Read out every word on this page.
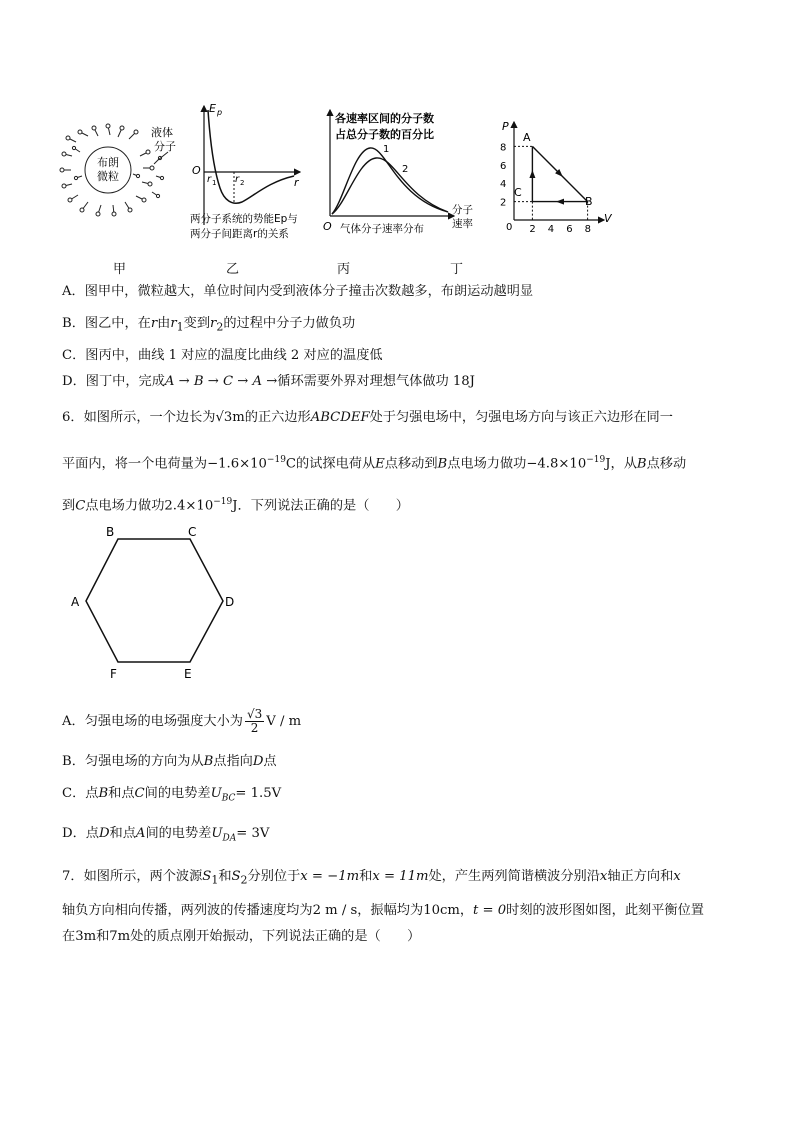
布朗
微粒
液体
分子
E p
O
r
r 1 r 2
两分子系统的势能Ep与
两分子间距离r的关系
各速率区间的分子数
占总分子数的百分比
O 气体分子速率分布
分子
速率
1
2
8
6
4
2
2 4 6 8
P
V
0
A
B
C
甲	乙	丙	丁
A．图甲中，微粒越大，单位时间内受到液体分子撞击次数越多，布朗运动越明显
B．图乙中，在r由$r_1$变到$r_2$的过程中分子力做负功
C．图丙中，曲线 1 对应的温度比曲线 2 对应的温度低
D．图丁中，完成A → B → C → A →循环需要外界对理想气体做功 18J
6．如图所示，一个边长为√3m的正六边形ABCDEF处于匀强电场中，匀强电场方向与该正六边形在同一
平面内，将一个电荷量为$-1.6\times 10^{-19}C$的试探电荷从E点移动到B点电场力做功$-4.8\times 10^{-19}J$，从B点移动
到C点电场力做功$2.4\times 10^{-19}J$．下列说法正确的是（　　）
B	C
A	D
F	E
A．匀强电场的电场强度大小为 $\frac{√3}{2}$ V / m
B．匀强电场的方向为从B点指向D点
C．点B和点C间的电势差$U_{BC}= 1.5V$
D．点D和点A间的电势差$U_{DA}= 3V$
7．如图所示，两个波源$S_1$和$S_2$分别位于x = −1m和x = 11m处，产生两列简谐横波分别沿x轴正方向和x
轴负方向相向传播，两列波的传播速度均为2 m / s，振幅均为10cm，t = 0时刻的波形图如图，此刻平衡位置
在3m和7m处的质点刚开始振动，下列说法正确的是（　　）
